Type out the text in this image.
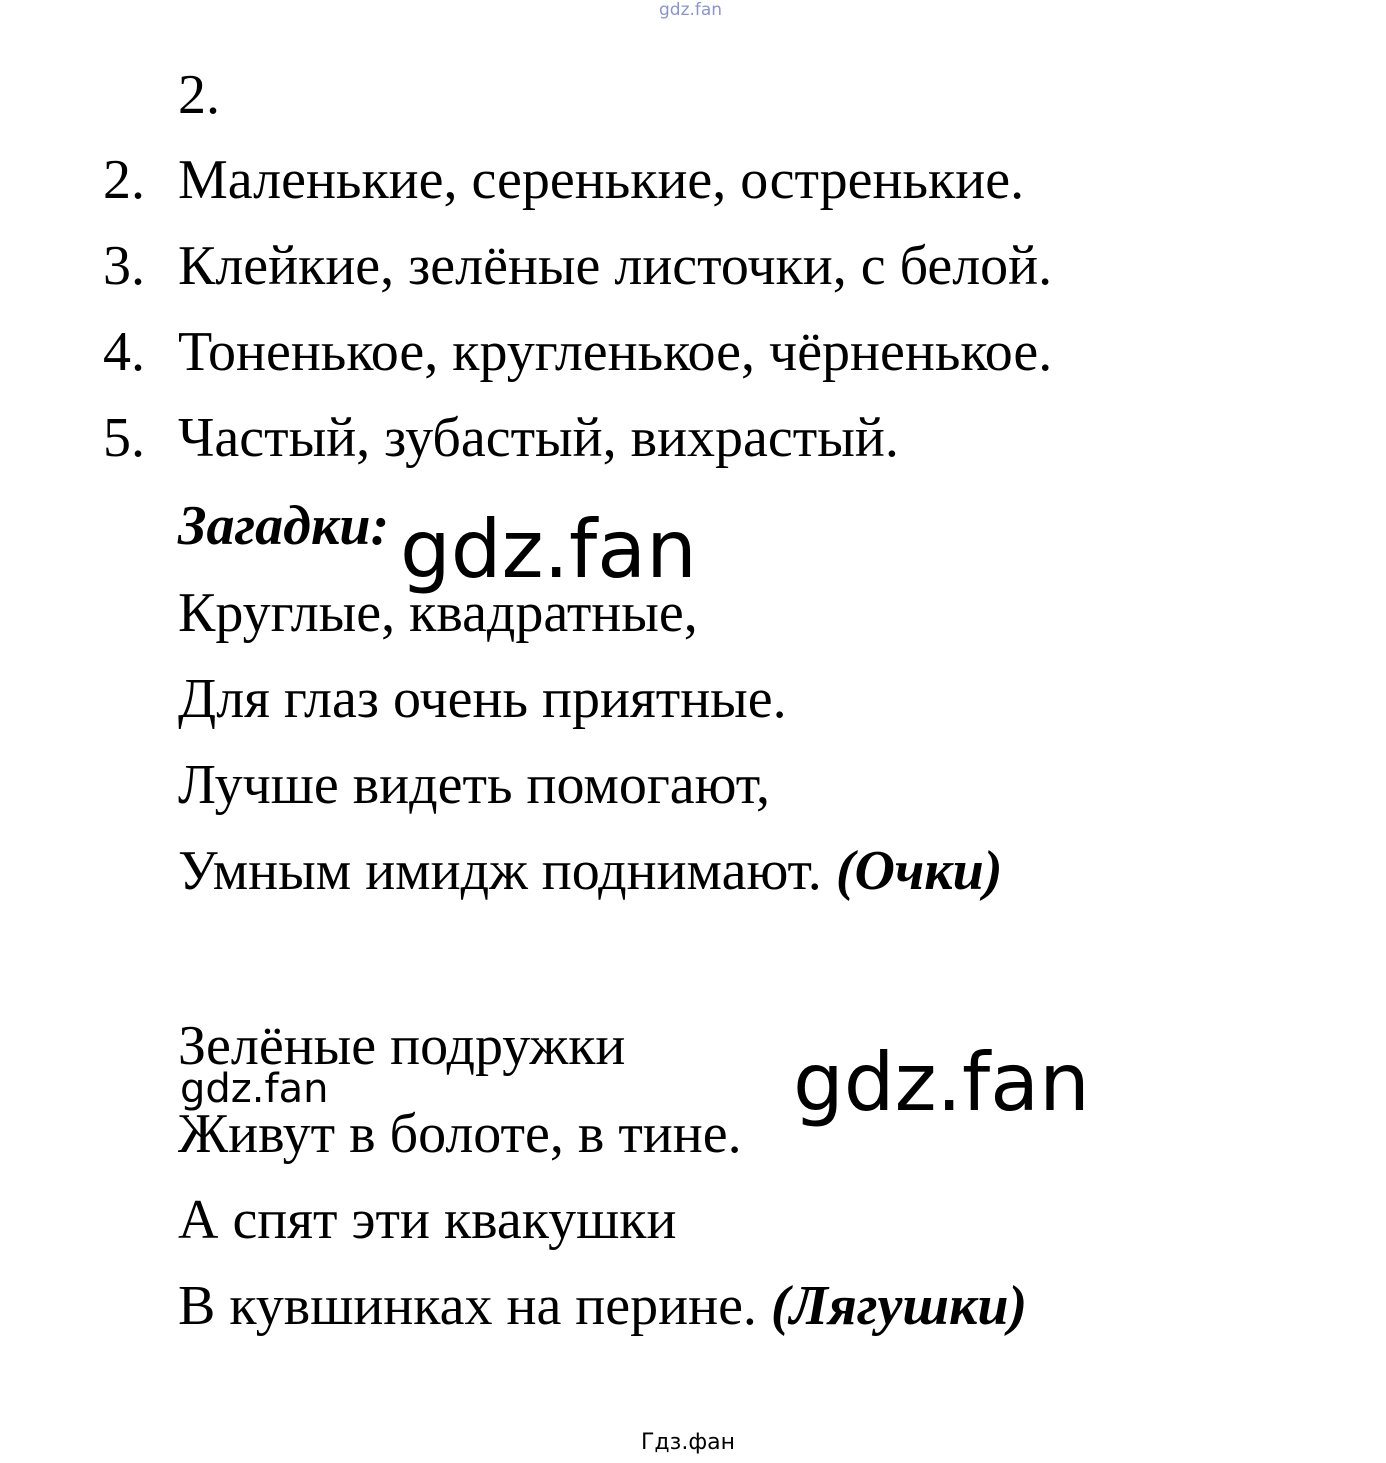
gdz.fan
2.
2. Маленькие, серенькие, остренькие.
3. Клейкие, зелёные листочки, с белой.
4. Тоненькое, кругленькое, чёрненькое.
5. Частый, зубастый, вихрастый.
Загадки: gdz.fan
Круглые, квадратные,
Для глаз очень приятные.
Лучше видеть помогают,
Умным имидж поднимают. (Очки)
Зелёные подружки
gdz.fan	gdz.fan
Живут в болоте, в тине.
А спят эти квакушки
В кувшинках на перине. (Лягушки)
Гдз.фан
